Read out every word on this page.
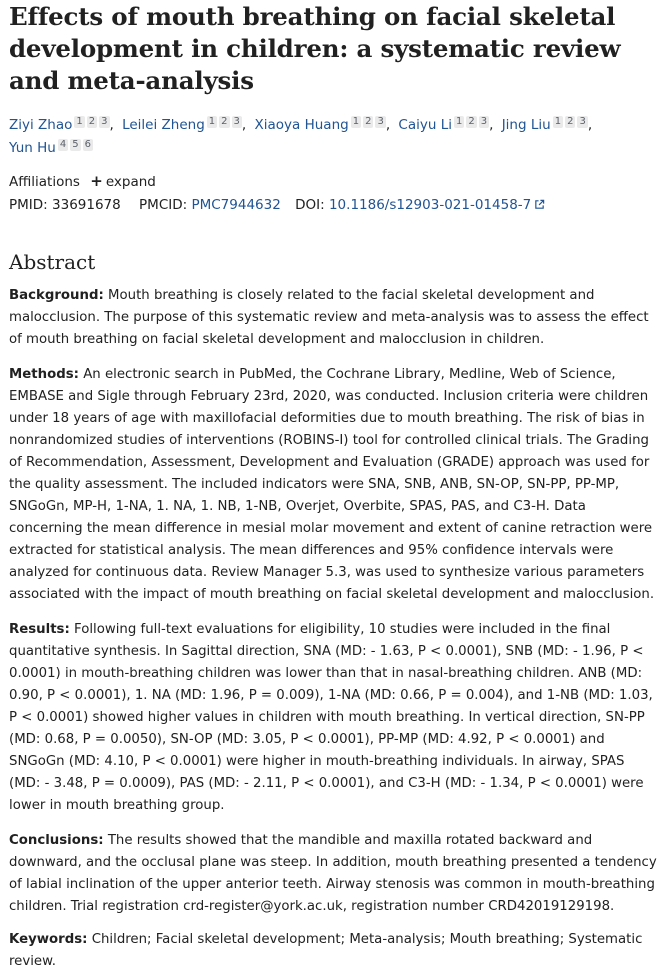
Effects of mouth breathing on facial skeletal development in children: a systematic review and meta-analysis
Ziyi Zhao 1 2 3 , Leilei Zheng 1 2 3 , Xiaoya Huang 1 2 3 , Caiyu Li 1 2 3 , Jing Liu 1 2 3 , Yun Hu 4 5 6
Affiliations + expand
PMID: 33691678 PMCID: PMC7944632 DOI: 10.1186/s12903-021-01458-7
Abstract
Background: Mouth breathing is closely related to the facial skeletal development and malocclusion. The purpose of this systematic review and meta-analysis was to assess the effect of mouth breathing on facial skeletal development and malocclusion in children.
Methods: An electronic search in PubMed, the Cochrane Library, Medline, Web of Science, EMBASE and Sigle through February 23rd, 2020, was conducted. Inclusion criteria were children under 18 years of age with maxillofacial deformities due to mouth breathing. The risk of bias in nonrandomized studies of interventions (ROBINS-I) tool for controlled clinical trials. The Grading of Recommendation, Assessment, Development and Evaluation (GRADE) approach was used for the quality assessment. The included indicators were SNA, SNB, ANB, SN-OP, SN-PP, PP-MP, SNGoGn, MP-H, 1-NA, 1. NA, 1. NB, 1-NB, Overjet, Overbite, SPAS, PAS, and C3-H. Data concerning the mean difference in mesial molar movement and extent of canine retraction were extracted for statistical analysis. The mean differences and 95% confidence intervals were analyzed for continuous data. Review Manager 5.3, was used to synthesize various parameters associated with the impact of mouth breathing on facial skeletal development and malocclusion.
Results: Following full-text evaluations for eligibility, 10 studies were included in the final quantitative synthesis. In Sagittal direction, SNA (MD: - 1.63, P < 0.0001), SNB (MD: - 1.96, P < 0.0001) in mouth-breathing children was lower than that in nasal-breathing children. ANB (MD: 0.90, P < 0.0001), 1. NA (MD: 1.96, P = 0.009), 1-NA (MD: 0.66, P = 0.004), and 1-NB (MD: 1.03, P < 0.0001) showed higher values in children with mouth breathing. In vertical direction, SN-PP (MD: 0.68, P = 0.0050), SN-OP (MD: 3.05, P < 0.0001), PP-MP (MD: 4.92, P < 0.0001) and SNGoGn (MD: 4.10, P < 0.0001) were higher in mouth-breathing individuals. In airway, SPAS (MD: - 3.48, P = 0.0009), PAS (MD: - 2.11, P < 0.0001), and C3-H (MD: - 1.34, P < 0.0001) were lower in mouth breathing group.
Conclusions: The results showed that the mandible and maxilla rotated backward and downward, and the occlusal plane was steep. In addition, mouth breathing presented a tendency of labial inclination of the upper anterior teeth. Airway stenosis was common in mouth-breathing children. Trial registration crd-register@york.ac.uk, registration number CRD42019129198.
Keywords: Children; Facial skeletal development; Meta-analysis; Mouth breathing; Systematic review.
